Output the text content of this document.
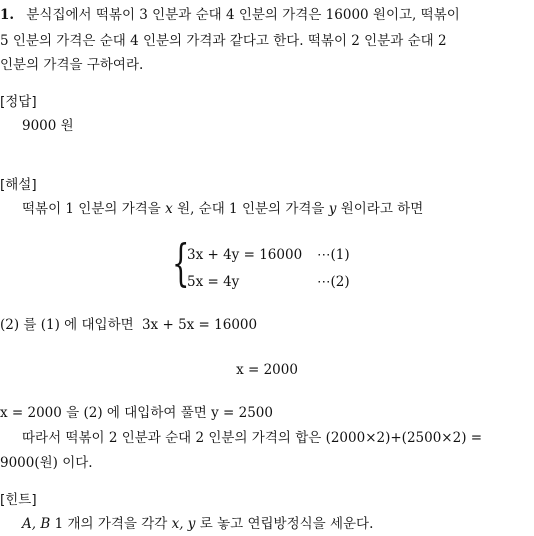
1. 분식집에서 떡볶이 3 인분과 순대 4 인분의 가격은 16000 원이고, 떡볶이
5 인분의 가격은 순대 4 인분의 가격과 같다고 한다. 떡볶이 2 인분과 순대 2
인분의 가격을 구하여라.
[정답]
9000 원
[해설]
떡볶이 1 인분의 가격을 x 원, 순대 1 인분의 가격을 y 원이라고 하면
{
3x + 4y = 16000 ⋯(1)
5x = 4y	⋯(2)
(2) 를 (1) 에 대입하면 3x + 5x = 16000
x = 2000
x = 2000 을 (2) 에 대입하여 풀면 y = 2500
따라서 떡볶이 2 인분과 순대 2 인분의 가격의 합은 (2000×2)+(2500×2) =
9000(원) 이다.
[힌트]
A, B 1 개의 가격을 각각 x, y 로 놓고 연립방정식을 세운다.
